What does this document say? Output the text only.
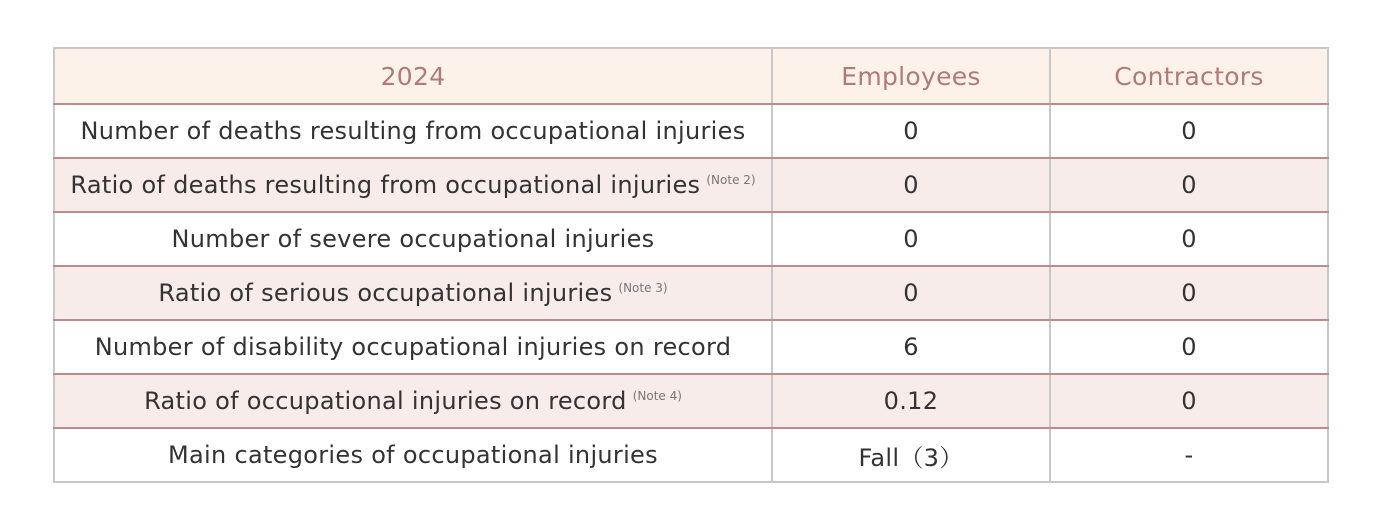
2024	Employees	Contractors
Number of deaths resulting from occupational injuries	0	0
Ratio of deaths resulting from occupational injuries $^{(Note 2)}$	0	0
Number of severe occupational injuries	0	0
Ratio of serious occupational injuries $^{(Note 3)}$	0	0
Number of disability occupational injuries on record	6	0
Ratio of occupational injuries on record $^{(Note 4)}$	0.12	0
Main categories of occupational injuries	Fall（3）	-
